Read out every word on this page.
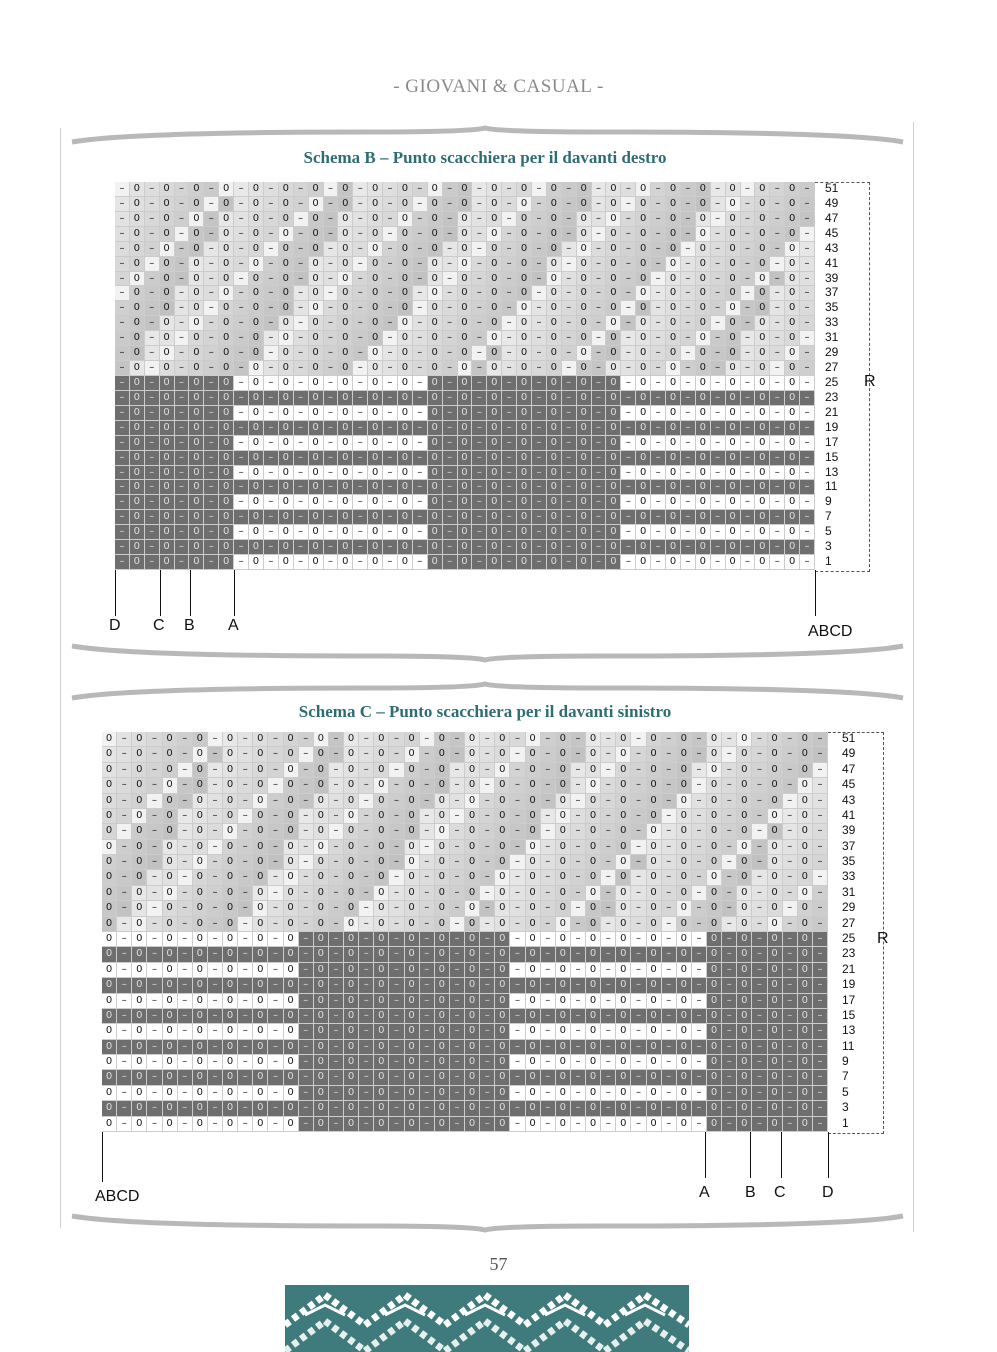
- GIOVANI & CASUAL -
Schema B – Punto scacchiera per il davanti destro
– 0 – 0 – 0 – 0 – 0 – 0 – 0 – 0 – 0 – 0 – 0 – 0 – 0 – 0 – 0 – 0 – 0 – 0 – 0 – 0 – 0 – 0 – 0 –
– 0 – 0 – 0 – 0 – 0 – 0 – 0 – 0 – 0 – 0 – 0 – 0 – 0 – 0 – 0 – 0 – 0 – 0 – 0 – 0 – 0 – 0 – 0 –
– 0 – 0 – 0 – 0 – 0 – 0 – 0 – 0 – 0 – 0 – 0 – 0 – 0 – 0 – 0 – 0 – 0 – 0 – 0 – 0 – 0 – 0 – 0 –
– 0 – 0 – 0 – 0 – 0 – 0 – 0 – 0 – 0 – 0 – 0 – 0 – 0 – 0 – 0 – 0 – 0 – 0 – 0 – 0 – 0 – 0 – 0 –
– 0 – 0 – 0 – 0 – 0 – 0 – 0 – 0 – 0 – 0 – 0 – 0 – 0 – 0 – 0 – 0 – 0 – 0 – 0 – 0 – 0 – 0 – 0 –
– 0 – 0 – 0 – 0 – 0 – 0 – 0 – 0 – 0 – 0 – 0 – 0 – 0 – 0 – 0 – 0 – 0 – 0 – 0 – 0 – 0 – 0 – 0 –
– 0 – 0 – 0 – 0 – 0 – 0 – 0 – 0 – 0 – 0 – 0 – 0 – 0 – 0 – 0 – 0 – 0 – 0 – 0 – 0 – 0 – 0 – 0 –
– 0 – 0 – 0 – 0 – 0 – 0 – 0 – 0 – 0 – 0 – 0 – 0 – 0 – 0 – 0 – 0 – 0 – 0 – 0 – 0 – 0 – 0 – 0 –
– 0 – 0 – 0 – 0 – 0 – 0 – 0 – 0 – 0 – 0 – 0 – 0 – 0 – 0 – 0 – 0 – 0 – 0 – 0 – 0 – 0 – 0 – 0 –
– 0 – 0 – 0 – 0 – 0 – 0 – 0 – 0 – 0 – 0 – 0 – 0 – 0 – 0 – 0 – 0 – 0 – 0 – 0 – 0 – 0 – 0 – 0 –
– 0 – 0 – 0 – 0 – 0 – 0 – 0 – 0 – 0 – 0 – 0 – 0 – 0 – 0 – 0 – 0 – 0 – 0 – 0 – 0 – 0 – 0 – 0 –
– 0 – 0 – 0 – 0 – 0 – 0 – 0 – 0 – 0 – 0 – 0 – 0 – 0 – 0 – 0 – 0 – 0 – 0 – 0 – 0 – 0 – 0 – 0 –
– 0 – 0 – 0 – 0 – 0 – 0 – 0 – 0 – 0 – 0 – 0 – 0 – 0 – 0 – 0 – 0 – 0 – 0 – 0 – 0 – 0 – 0 – 0 –
– 0 – 0 – 0 – 0 – 0 – 0 – 0 – 0 – 0 – 0 – 0 – 0 – 0 – 0 – 0 – 0 – 0 – 0 – 0 – 0 – 0 – 0 – 0 –
– 0 – 0 – 0 – 0 – 0 – 0 – 0 – 0 – 0 – 0 – 0 – 0 – 0 – 0 – 0 – 0 – 0 – 0 – 0 – 0 – 0 – 0 – 0 –
– 0 – 0 – 0 – 0 – 0 – 0 – 0 – 0 – 0 – 0 – 0 – 0 – 0 – 0 – 0 – 0 – 0 – 0 – 0 – 0 – 0 – 0 – 0 –
– 0 – 0 – 0 – 0 – 0 – 0 – 0 – 0 – 0 – 0 – 0 – 0 – 0 – 0 – 0 – 0 – 0 – 0 – 0 – 0 – 0 – 0 – 0 –
– 0 – 0 – 0 – 0 – 0 – 0 – 0 – 0 – 0 – 0 – 0 – 0 – 0 – 0 – 0 – 0 – 0 – 0 – 0 – 0 – 0 – 0 – 0 –
– 0 – 0 – 0 – 0 – 0 – 0 – 0 – 0 – 0 – 0 – 0 – 0 – 0 – 0 – 0 – 0 – 0 – 0 – 0 – 0 – 0 – 0 – 0 –
– 0 – 0 – 0 – 0 – 0 – 0 – 0 – 0 – 0 – 0 – 0 – 0 – 0 – 0 – 0 – 0 – 0 – 0 – 0 – 0 – 0 – 0 – 0 –
– 0 – 0 – 0 – 0 – 0 – 0 – 0 – 0 – 0 – 0 – 0 – 0 – 0 – 0 – 0 – 0 – 0 – 0 – 0 – 0 – 0 – 0 – 0 –
– 0 – 0 – 0 – 0 – 0 – 0 – 0 – 0 – 0 – 0 – 0 – 0 – 0 – 0 – 0 – 0 – 0 – 0 – 0 – 0 – 0 – 0 – 0 –
– 0 – 0 – 0 – 0 – 0 – 0 – 0 – 0 – 0 – 0 – 0 – 0 – 0 – 0 – 0 – 0 – 0 – 0 – 0 – 0 – 0 – 0 – 0 –
– 0 – 0 – 0 – 0 – 0 – 0 – 0 – 0 – 0 – 0 – 0 – 0 – 0 – 0 – 0 – 0 – 0 – 0 – 0 – 0 – 0 – 0 – 0 –
– 0 – 0 – 0 – 0 – 0 – 0 – 0 – 0 – 0 – 0 – 0 – 0 – 0 – 0 – 0 – 0 – 0 – 0 – 0 – 0 – 0 – 0 – 0 –
– 0 – 0 – 0 – 0 – 0 – 0 – 0 – 0 – 0 – 0 – 0 – 0 – 0 – 0 – 0 – 0 – 0 – 0 – 0 – 0 – 0 – 0 – 0 –
R
51
49
47
45
43
41
39
37
35
33
31
29
27
25
23
21
19
17
15
13
11
9
7
5
3
1
D C B A	ABCD
Schema C – Punto scacchiera per il davanti sinistro
0 – 0 – 0 – 0 – 0 – 0 – 0 – 0 – 0 – 0 – 0 – 0 – 0 – 0 – 0 – 0 – 0 – 0 – 0 – 0 – 0 – 0 – 0 – 0 –
0 – 0 – 0 – 0 – 0 – 0 – 0 – 0 – 0 – 0 – 0 – 0 – 0 – 0 – 0 – 0 – 0 – 0 – 0 – 0 – 0 – 0 – 0 – 0 –
0 – 0 – 0 – 0 – 0 – 0 – 0 – 0 – 0 – 0 – 0 – 0 – 0 – 0 – 0 – 0 – 0 – 0 – 0 – 0 – 0 – 0 – 0 – 0 –
0 – 0 – 0 – 0 – 0 – 0 – 0 – 0 – 0 – 0 – 0 – 0 – 0 – 0 – 0 – 0 – 0 – 0 – 0 – 0 – 0 – 0 – 0 – 0 –
0 – 0 – 0 – 0 – 0 – 0 – 0 – 0 – 0 – 0 – 0 – 0 – 0 – 0 – 0 – 0 – 0 – 0 – 0 – 0 – 0 – 0 – 0 – 0 –
0 – 0 – 0 – 0 – 0 – 0 – 0 – 0 – 0 – 0 – 0 – 0 – 0 – 0 – 0 – 0 – 0 – 0 – 0 – 0 – 0 – 0 – 0 – 0 –
0 – 0 – 0 – 0 – 0 – 0 – 0 – 0 – 0 – 0 – 0 – 0 – 0 – 0 – 0 – 0 – 0 – 0 – 0 – 0 – 0 – 0 – 0 – 0 –
0 – 0 – 0 – 0 – 0 – 0 – 0 – 0 – 0 – 0 – 0 – 0 – 0 – 0 – 0 – 0 – 0 – 0 – 0 – 0 – 0 – 0 – 0 – 0 –
0 – 0 – 0 – 0 – 0 – 0 – 0 – 0 – 0 – 0 – 0 – 0 – 0 – 0 – 0 – 0 – 0 – 0 – 0 – 0 – 0 – 0 – 0 – 0 –
0 – 0 – 0 – 0 – 0 – 0 – 0 – 0 – 0 – 0 – 0 – 0 – 0 – 0 – 0 – 0 – 0 – 0 – 0 – 0 – 0 – 0 – 0 – 0 –
0 – 0 – 0 – 0 – 0 – 0 – 0 – 0 – 0 – 0 – 0 – 0 – 0 – 0 – 0 – 0 – 0 – 0 – 0 – 0 – 0 – 0 – 0 – 0 –
0 – 0 – 0 – 0 – 0 – 0 – 0 – 0 – 0 – 0 – 0 – 0 – 0 – 0 – 0 – 0 – 0 – 0 – 0 – 0 – 0 – 0 – 0 – 0 –
0 – 0 – 0 – 0 – 0 – 0 – 0 – 0 – 0 – 0 – 0 – 0 – 0 – 0 – 0 – 0 – 0 – 0 – 0 – 0 – 0 – 0 – 0 – 0 –
0 – 0 – 0 – 0 – 0 – 0 – 0 – 0 – 0 – 0 – 0 – 0 – 0 – 0 – 0 – 0 – 0 – 0 – 0 – 0 – 0 – 0 – 0 – 0 –
0 – 0 – 0 – 0 – 0 – 0 – 0 – 0 – 0 – 0 – 0 – 0 – 0 – 0 – 0 – 0 – 0 – 0 – 0 – 0 – 0 – 0 – 0 – 0 –
0 – 0 – 0 – 0 – 0 – 0 – 0 – 0 – 0 – 0 – 0 – 0 – 0 – 0 – 0 – 0 – 0 – 0 – 0 – 0 – 0 – 0 – 0 – 0 –
0 – 0 – 0 – 0 – 0 – 0 – 0 – 0 – 0 – 0 – 0 – 0 – 0 – 0 – 0 – 0 – 0 – 0 – 0 – 0 – 0 – 0 – 0 – 0 –
0 – 0 – 0 – 0 – 0 – 0 – 0 – 0 – 0 – 0 – 0 – 0 – 0 – 0 – 0 – 0 – 0 – 0 – 0 – 0 – 0 – 0 – 0 – 0 –
0 – 0 – 0 – 0 – 0 – 0 – 0 – 0 – 0 – 0 – 0 – 0 – 0 – 0 – 0 – 0 – 0 – 0 – 0 – 0 – 0 – 0 – 0 – 0 –
0 – 0 – 0 – 0 – 0 – 0 – 0 – 0 – 0 – 0 – 0 – 0 – 0 – 0 – 0 – 0 – 0 – 0 – 0 – 0 – 0 – 0 – 0 – 0 –
0 – 0 – 0 – 0 – 0 – 0 – 0 – 0 – 0 – 0 – 0 – 0 – 0 – 0 – 0 – 0 – 0 – 0 – 0 – 0 – 0 – 0 – 0 – 0 –
0 – 0 – 0 – 0 – 0 – 0 – 0 – 0 – 0 – 0 – 0 – 0 – 0 – 0 – 0 – 0 – 0 – 0 – 0 – 0 – 0 – 0 – 0 – 0 –
0 – 0 – 0 – 0 – 0 – 0 – 0 – 0 – 0 – 0 – 0 – 0 – 0 – 0 – 0 – 0 – 0 – 0 – 0 – 0 – 0 – 0 – 0 – 0 –
0 – 0 – 0 – 0 – 0 – 0 – 0 – 0 – 0 – 0 – 0 – 0 – 0 – 0 – 0 – 0 – 0 – 0 – 0 – 0 – 0 – 0 – 0 – 0 –
0 – 0 – 0 – 0 – 0 – 0 – 0 – 0 – 0 – 0 – 0 – 0 – 0 – 0 – 0 – 0 – 0 – 0 – 0 – 0 – 0 – 0 – 0 – 0 –
0 – 0 – 0 – 0 – 0 – 0 – 0 – 0 – 0 – 0 – 0 – 0 – 0 – 0 – 0 – 0 – 0 – 0 – 0 – 0 – 0 – 0 – 0 – 0 –
R
51
49
47
45
43
41
39
37
35
33
31
29
27
25
23
21
19
17
15
13
11
9
7
5
3
1
ABCD	A B C D
57
